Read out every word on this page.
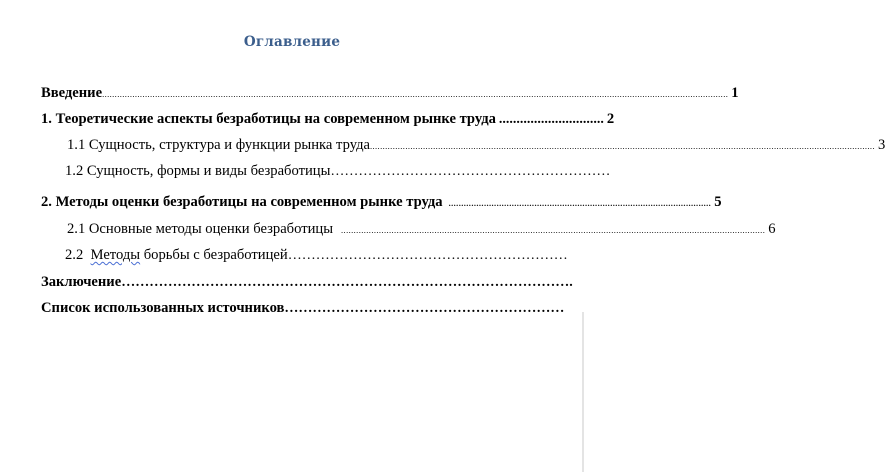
Оглавление
Введение ........................................................................................................................................................................................................................................................ 1
1. Теоретические аспекты безработицы на современном рынке труда .............................. 2
1.1 Сущность, структура и функции рынка труда ........................................................................................................................................................................................................ 3
1.2 Сущность, формы и виды безработицы ……………………………………………………
2. Методы оценки безработицы на современном рынке труда ........................................................................................................ 5
2.1 Основные методы оценки безработицы ........................................................................................................................................................................ 6
2.2  Методы борьбы с безработицей ……………………………………………………
Заключение …………………………………………………………………………………….
Список использованных источников ……………………………………………………
